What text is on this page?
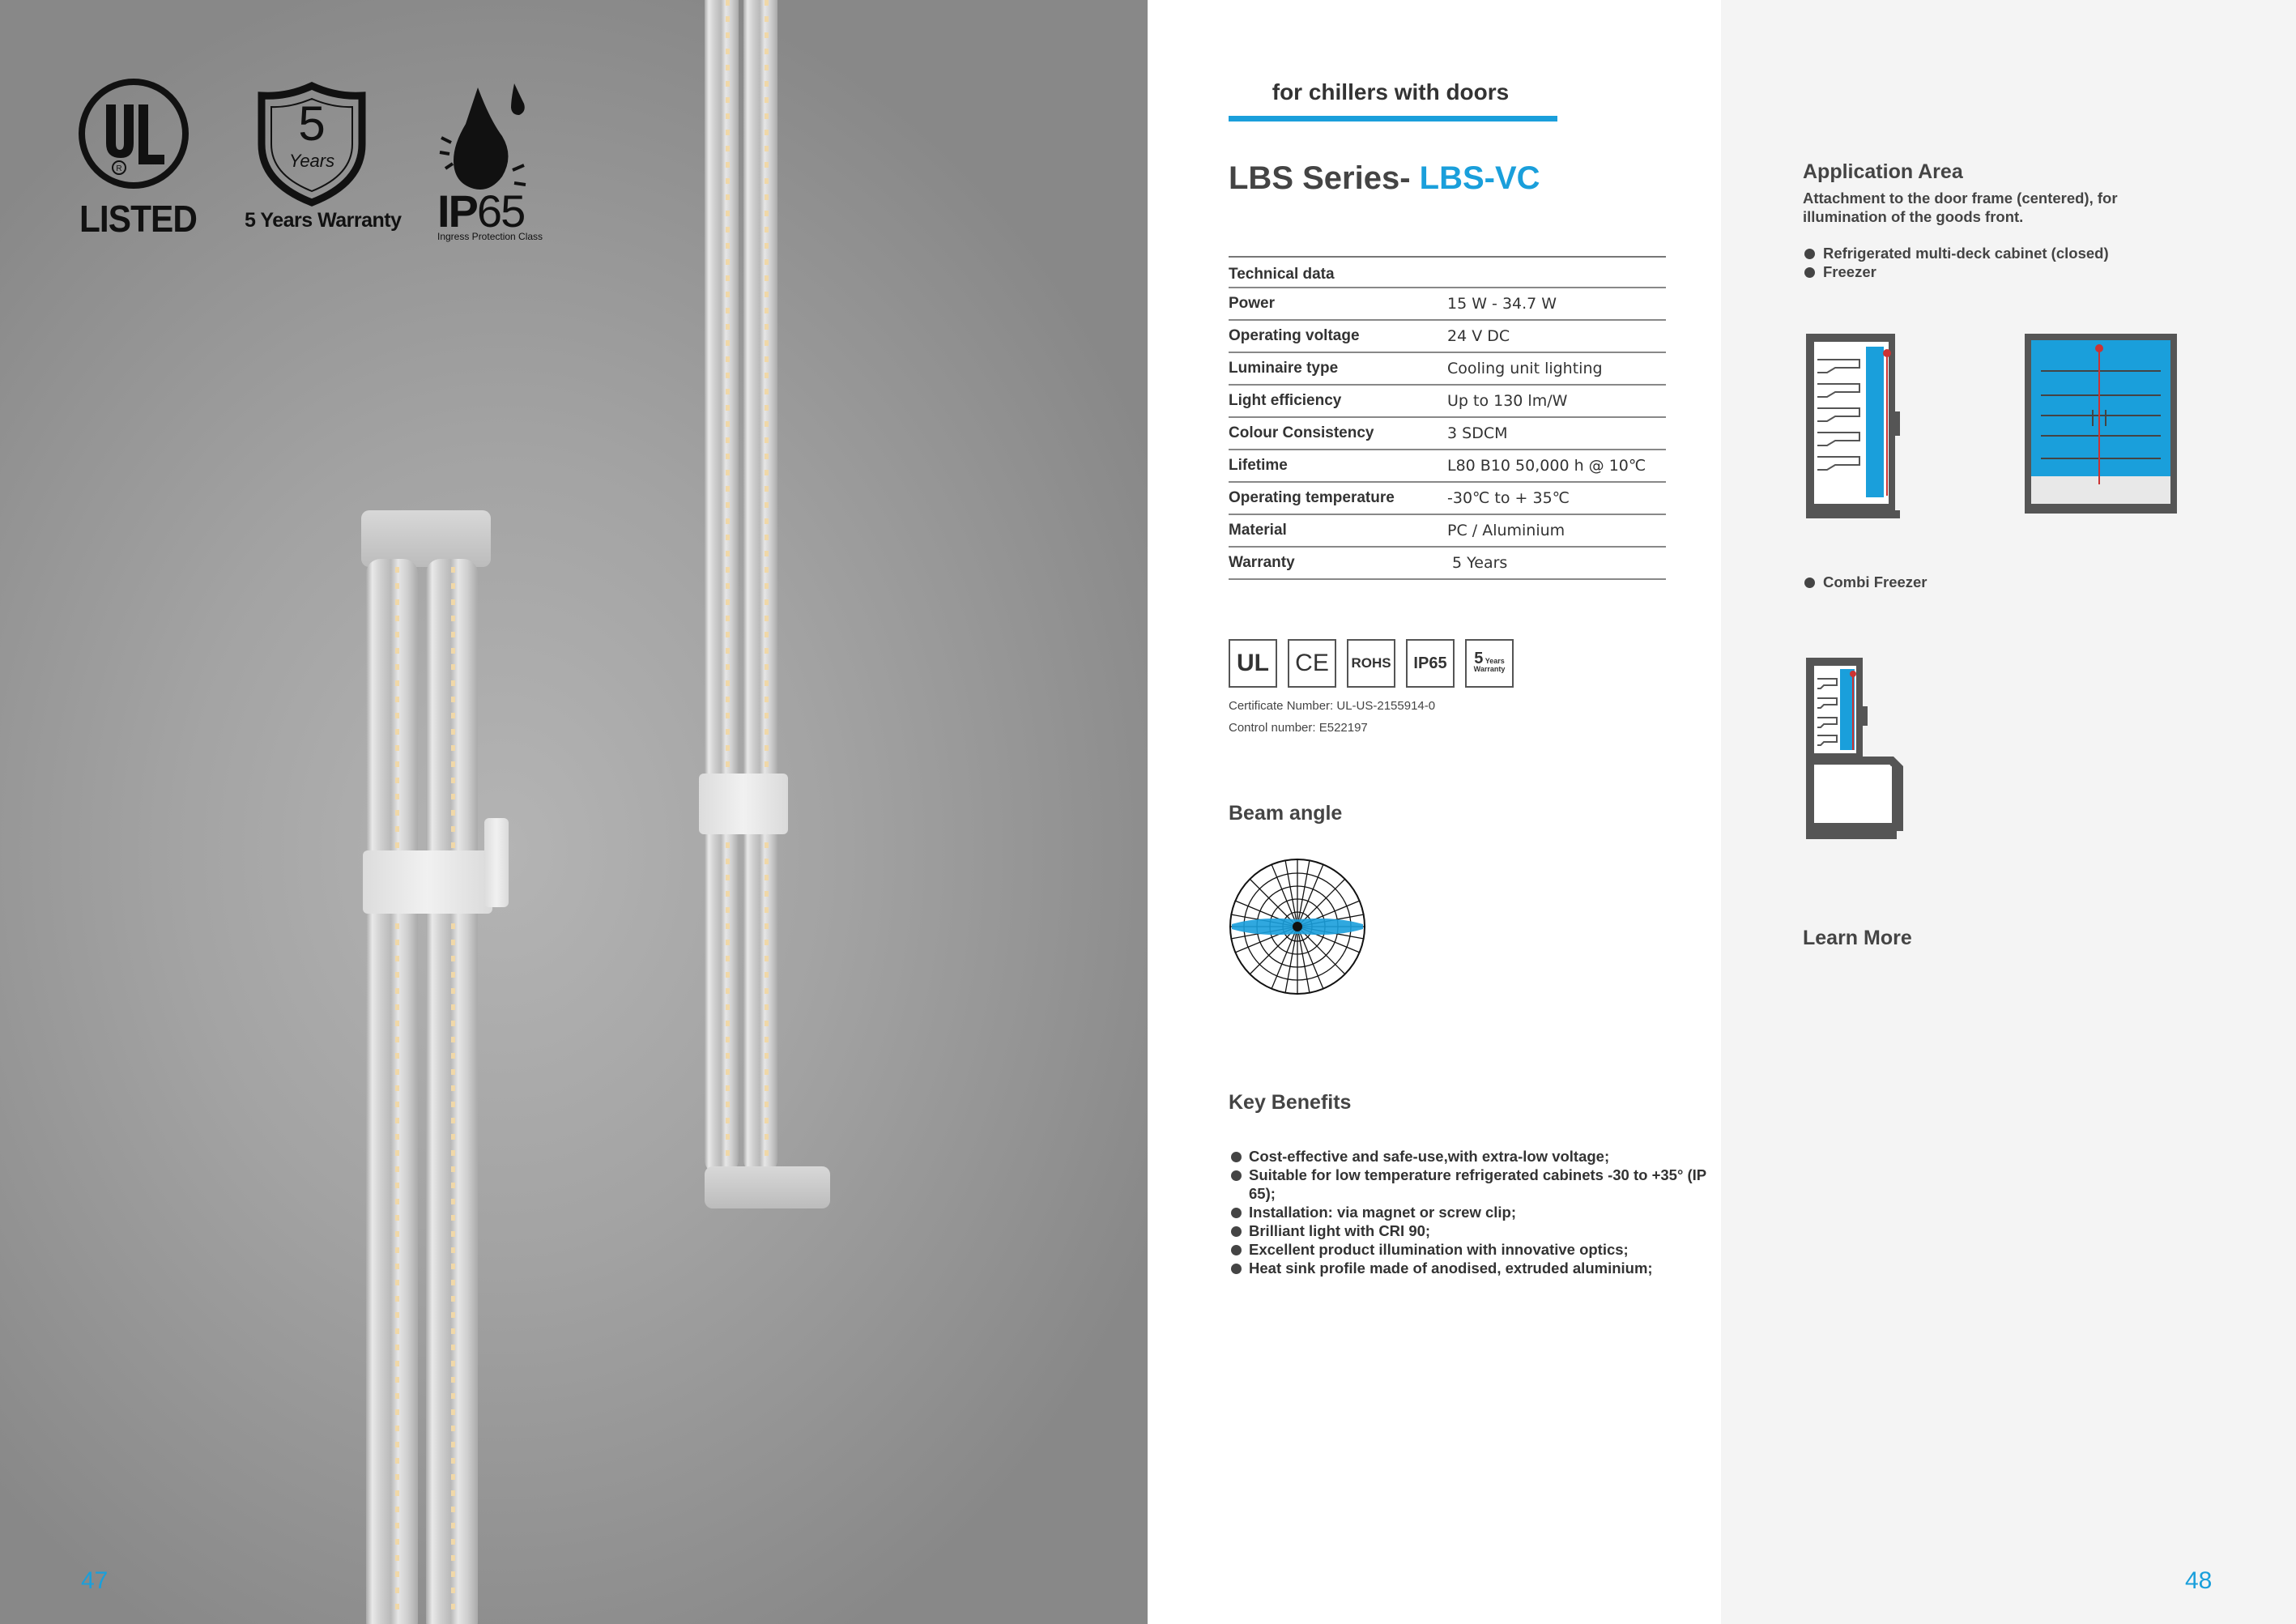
R
LISTED
5
Years
5 Years Warranty IP65
Ingress Protection Class
47
for chillers with doors
LBS Series- LBS-VC
Technical data
Power	15 W - 34.7 W
Operating voltage	24 V DC
Luminaire type	Cooling unit lighting
Light efficiency	Up to 130 lm/W
Colour Consistency	3 SDCM
Lifetime	L80 B10 50,000 h @ 10℃
Operating temperature	-30℃ to + 35℃
Material	PC / Aluminium
Warranty	5 Years
UL	CE	ROHS	IP65	5 Years
Warranty
Certificate Number: UL-US-2155914-0
Control number: E522197
Beam angle
Key Benefits
Cost-effective and safe-use,with extra-low voltage;
Suitable for low temperature refrigerated cabinets -30 to +35° (IP 65);
Installation: via magnet or screw clip;
Brilliant light with CRI 90;
Excellent product illumination with innovative optics;
Heat sink profile made of anodised, extruded aluminium;
Application Area
Attachment to the door frame (centered), for illumination of the goods front.
Refrigerated multi-deck cabinet (closed)
Freezer
Combi Freezer
Learn More
48
